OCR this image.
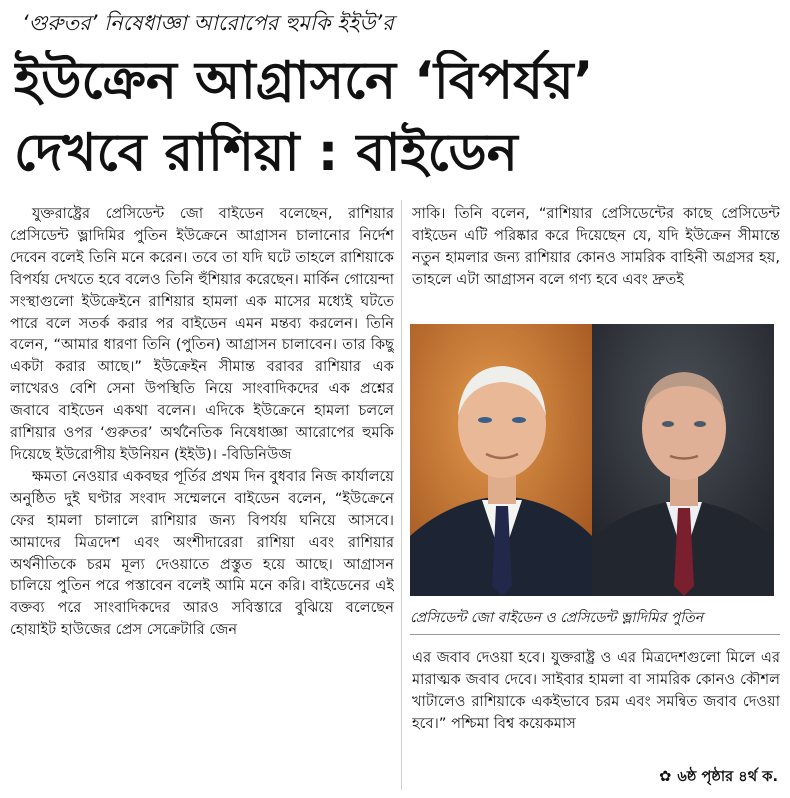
‘গুরুতর’ নিষেধাজ্ঞা আরোপের হুমকি ইইউ’র
ইউক্রেন আগ্রাসনে ‘বিপর্যয়’
দেখবে রাশিয়া : বাইডেন

যুক্তরাষ্ট্রের প্রেসিডেন্ট জো বাইডেন বলেছেন, রাশিয়ার প্রেসিডেন্ট ভ্লাদিমির পুতিন ইউক্রেনে আগ্রাসন চালানোর নির্দেশ দেবেন বলেই তিনি মনে করেন। তবে তা যদি ঘটে তাহলে রাশিয়াকে বিপর্যয় দেখতে হবে বলেও তিনি হুঁশিয়ার করেছেন। মার্কিন গোয়েন্দা সংস্থাগুলো ইউক্রেইনে রাশিয়ার হামলা এক মাসের মধ্যেই ঘটতে পারে বলে সতর্ক করার পর বাইডেন এমন মন্তব্য করলেন। তিনি বলেন, “আমার ধারণা তিনি (পুতিন) আগ্রাসন চালাবেন। তার কিছু একটা করার আছে।” ইউক্রেইন সীমান্ত বরাবর রাশিয়ার এক লাখেরও বেশি সেনা উপস্থিতি নিয়ে সাংবাদিকদের এক প্রশ্নের জবাবে বাইডেন একথা বলেন। এদিকে ইউক্রেনে হামলা চললে রাশিয়ার ওপর ‘গুরুতর’ অর্থনৈতিক নিষেধাজ্ঞা আরোপের হুমকি দিয়েছে ইউরোপীয় ইউনিয়ন (ইইউ)। -বিডিনিউজ

ক্ষমতা নেওয়ার একবছর পূর্তির প্রথম দিন বুধবার নিজ কার্যালয়ে অনুষ্ঠিত দুই ঘণ্টার সংবাদ সম্মেলনে বাইডেন বলেন, “ইউক্রেনে ফের হামলা চালালে রাশিয়ার জন্য বিপর্যয় ঘনিয়ে আসবে। আমাদের মিত্রদেশ এবং অংশীদারেরা রাশিয়া এবং রাশিয়ার অর্থনীতিকে চরম মূল্য দেওয়াতে প্রস্তুত হয়ে আছে। আগ্রাসন চালিয়ে পুতিন পরে পস্তাবেন বলেই আমি মনে করি। বাইডেনের এই বক্তব্য পরে সাংবাদিকদের আরও সবিস্তারে বুঝিয়ে বলেছেন হোয়াইট হাউজের প্রেস সেক্রেটারি জেন

সাকি। তিনি বলেন, “রাশিয়ার প্রেসিডেন্টের কাছে প্রেসিডেন্ট বাইডেন এটি পরিষ্কার করে দিয়েছেন যে, যদি ইউক্রেন সীমান্তে নতুন হামলার জন্য রাশিয়ার কোনও সামরিক বাহিনী অগ্রসর হয়, তাহলে এটা আগ্রাসন বলে গণ্য হবে এবং দ্রুতই

প্রেসিডেন্ট জো বাইডেন ও প্রেসিডেন্ট ভ্লাদিমির পুতিন

এর জবাব দেওয়া হবে। যুক্তরাষ্ট্র ও এর মিত্রদেশগুলো মিলে এর মারাত্মক জবাব দেবে। সাইবার হামলা বা সামরিক কোনও কৌশল খাটালেও রাশিয়াকে একইভাবে চরম এবং সমন্বিত জবাব দেওয়া হবে।” পশ্চিমা বিশ্ব কয়েকমাস

✿ ৬ষ্ঠ পৃষ্ঠার ৪র্থ ক.
